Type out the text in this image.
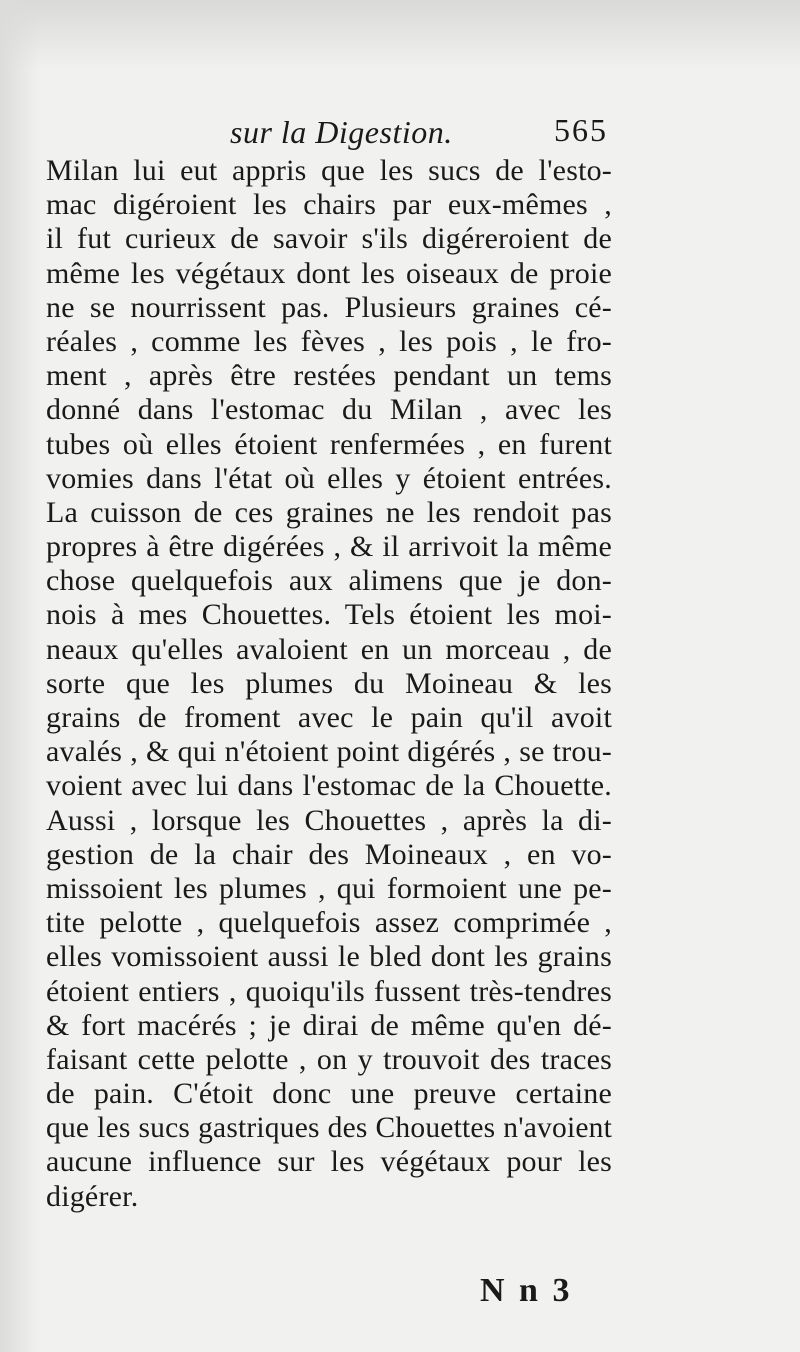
sur la Digestion.	565
Milan lui eut appris que les sucs de l'esto-
mac digéroient les chairs par eux-mêmes ,
il fut curieux de savoir s'ils digéreroient de
même les végétaux dont les oiseaux de proie
ne se nourrissent pas. Plusieurs graines cé-
réales , comme les fèves , les pois , le fro-
ment , après être restées pendant un tems
donné dans l'estomac du Milan , avec les
tubes où elles étoient renfermées , en furent
vomies dans l'état où elles y étoient entrées.
La cuisson de ces graines ne les rendoit pas
propres à être digérées , & il arrivoit la même
chose quelquefois aux alimens que je don-
nois à mes Chouettes. Tels étoient les moi-
neaux qu'elles avaloient en un morceau , de
sorte que les plumes du Moineau & les
grains de froment avec le pain qu'il avoit
avalés , & qui n'étoient point digérés , se trou-
voient avec lui dans l'estomac de la Chouette.
Aussi , lorsque les Chouettes , après la di-
gestion de la chair des Moineaux , en vo-
missoient les plumes , qui formoient une pe-
tite pelotte , quelquefois assez comprimée ,
elles vomissoient aussi le bled dont les grains
étoient entiers , quoiqu'ils fussent très-tendres
& fort macérés ; je dirai de même qu'en dé-
faisant cette pelotte , on y trouvoit des traces
de pain. C'étoit donc une preuve certaine
que les sucs gastriques des Chouettes n'avoient
aucune influence sur les végétaux pour les
digérer.
N n 3
